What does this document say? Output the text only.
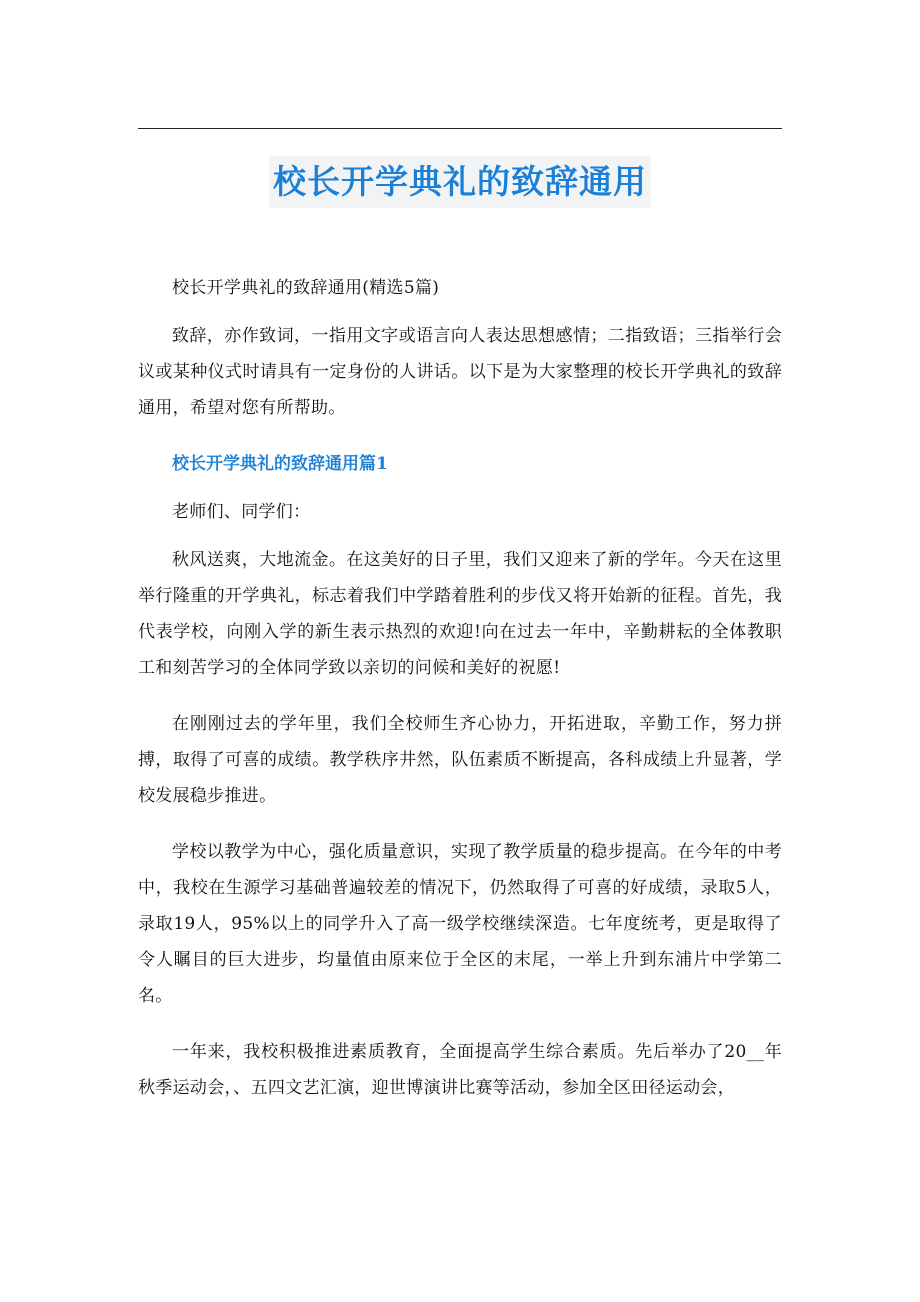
校长开学典礼的致辞通用

校长开学典礼的致辞通用(精选5篇)

致辞，亦作致词，一指用文字或语言向人表达思想感情；二指致语；三指举行会议或某种仪式时请具有一定身份的人讲话。以下是为大家整理的校长开学典礼的致辞通用，希望对您有所帮助。

校长开学典礼的致辞通用篇1

老师们、同学们：

秋风送爽，大地流金。在这美好的日子里，我们又迎来了新的学年。今天在这里举行隆重的开学典礼，标志着我们中学踏着胜利的步伐又将开始新的征程。首先，我代表学校，向刚入学的新生表示热烈的欢迎!向在过去一年中，辛勤耕耘的全体教职工和刻苦学习的全体同学致以亲切的问候和美好的祝愿!

在刚刚过去的学年里，我们全校师生齐心协力，开拓进取，辛勤工作，努力拼搏，取得了可喜的成绩。教学秩序井然，队伍素质不断提高，各科成绩上升显著，学校发展稳步推进。

学校以教学为中心，强化质量意识，实现了教学质量的稳步提高。在今年的中考中，我校在生源学习基础普遍较差的情况下，仍然取得了可喜的好成绩，录取5人，录取19人，95%以上的同学升入了高一级学校继续深造。七年度统考，更是取得了令人瞩目的巨大进步，均量值由原来位于全区的末尾，一举上升到东浦片中学第二名。

一年来，我校积极推进素质教育，全面提高学生综合素质。先后举办了20__年秋季运动会，、五四文艺汇演，迎世博演讲比赛等活动，参加全区田径运动会，
